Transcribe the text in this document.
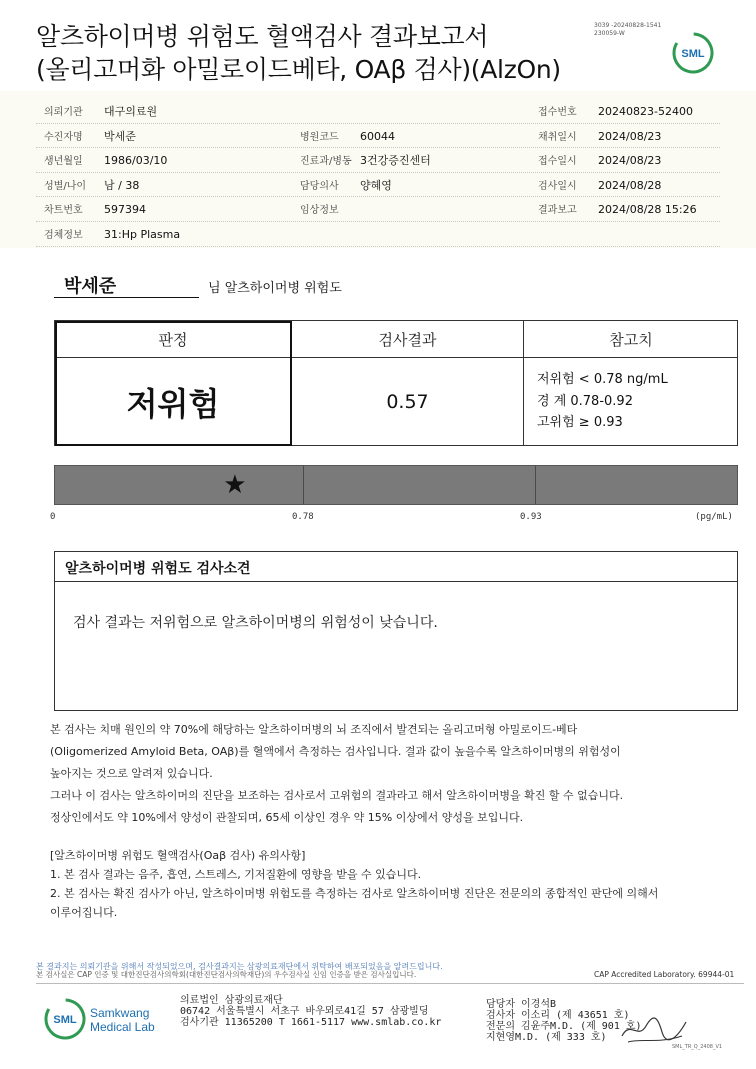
알츠하이머병 위험도 혈액검사 결과보고서
(올리고머화 아밀로이드베타, OAβ 검사)(AlzOn)
3039 -20240828-1541
230059-W
SML
의뢰기관 대구의료원	접수번호 20240823-52400
수진자명 박세준	병원코드 60044	채취일시 2024/08/23
생년월일 1986/03/10	진료과/병동 3건강증진센터	접수일시 2024/08/23
성별/나이 남 / 38	담당의사 양혜영	검사일시 2024/08/28
차트번호 597394	임상정보	결과보고 2024/08/28 15:26
검체정보 31:Hp Plasma
박세준	님 알츠하이머병 위험도
판정	검사결과	참고치
저위험	0.57
저위험 < 0.78 ng/mL
경 계 0.78-0.92
고위험 ≥ 0.93
★
0	0.78	0.93	(pg/mL)
알츠하이머병 위험도 검사소견
검사 결과는 저위험으로 알츠하이머병의 위험성이 낮습니다.
본 검사는 치매 원인의 약 70%에 해당하는 알츠하이머병의 뇌 조직에서 발견되는 올리고머형 아밀로이드-베타
(Oligomerized Amyloid Beta, OAβ)를 혈액에서 측정하는 검사입니다. 결과 값이 높을수록 알츠하이머병의 위험성이
높아지는 것으로 알려져 있습니다.
그러나 이 검사는 알츠하이머의 진단을 보조하는 검사로서 고위험의 결과라고 해서 알츠하이머병을 확진 할 수 없습니다.
정상인에서도 약 10%에서 양성이 관찰되며, 65세 이상인 경우 약 15% 이상에서 양성을 보입니다.
[알츠하이머병 위험도 혈액검사(Oaβ 검사) 유의사항]
1. 본 검사 결과는 음주, 흡연, 스트레스, 기저질환에 영향을 받을 수 있습니다.
2. 본 검사는 확진 검사가 아닌, 알츠하이머병 위험도를 측정하는 검사로 알츠하이머병 진단은 전문의의 종합적인 판단에 의해서
이루어집니다.
본 결과지는 의뢰기관을 위해서 작성되었으며, 검사결과지는 삼광의료재단에서 위탁하여 배포되었음을 알려드립니다.
본 검사실은 CAP 인증 및 대한진단검사의학회(대한진단검사의학재단)의 우수검사실 신임 인증을 받은 검사실입니다.	CAP Accredited Laboratory. 69944-01
SML Samkwang
Medical Lab
의료법인 삼광의료재단
06742 서울특별시 서초구 바우뫼로41길 57 삼광빌딩
검사기관 11365200 T 1661-5117 www.smlab.co.kr
담당자 이경석B
검사자 이소리 (제 43651 호)
전문의 김윤주M.D. (제 901 호)
지현영M.D. (제 333 호)
SML_TR_Q_2408_V1
